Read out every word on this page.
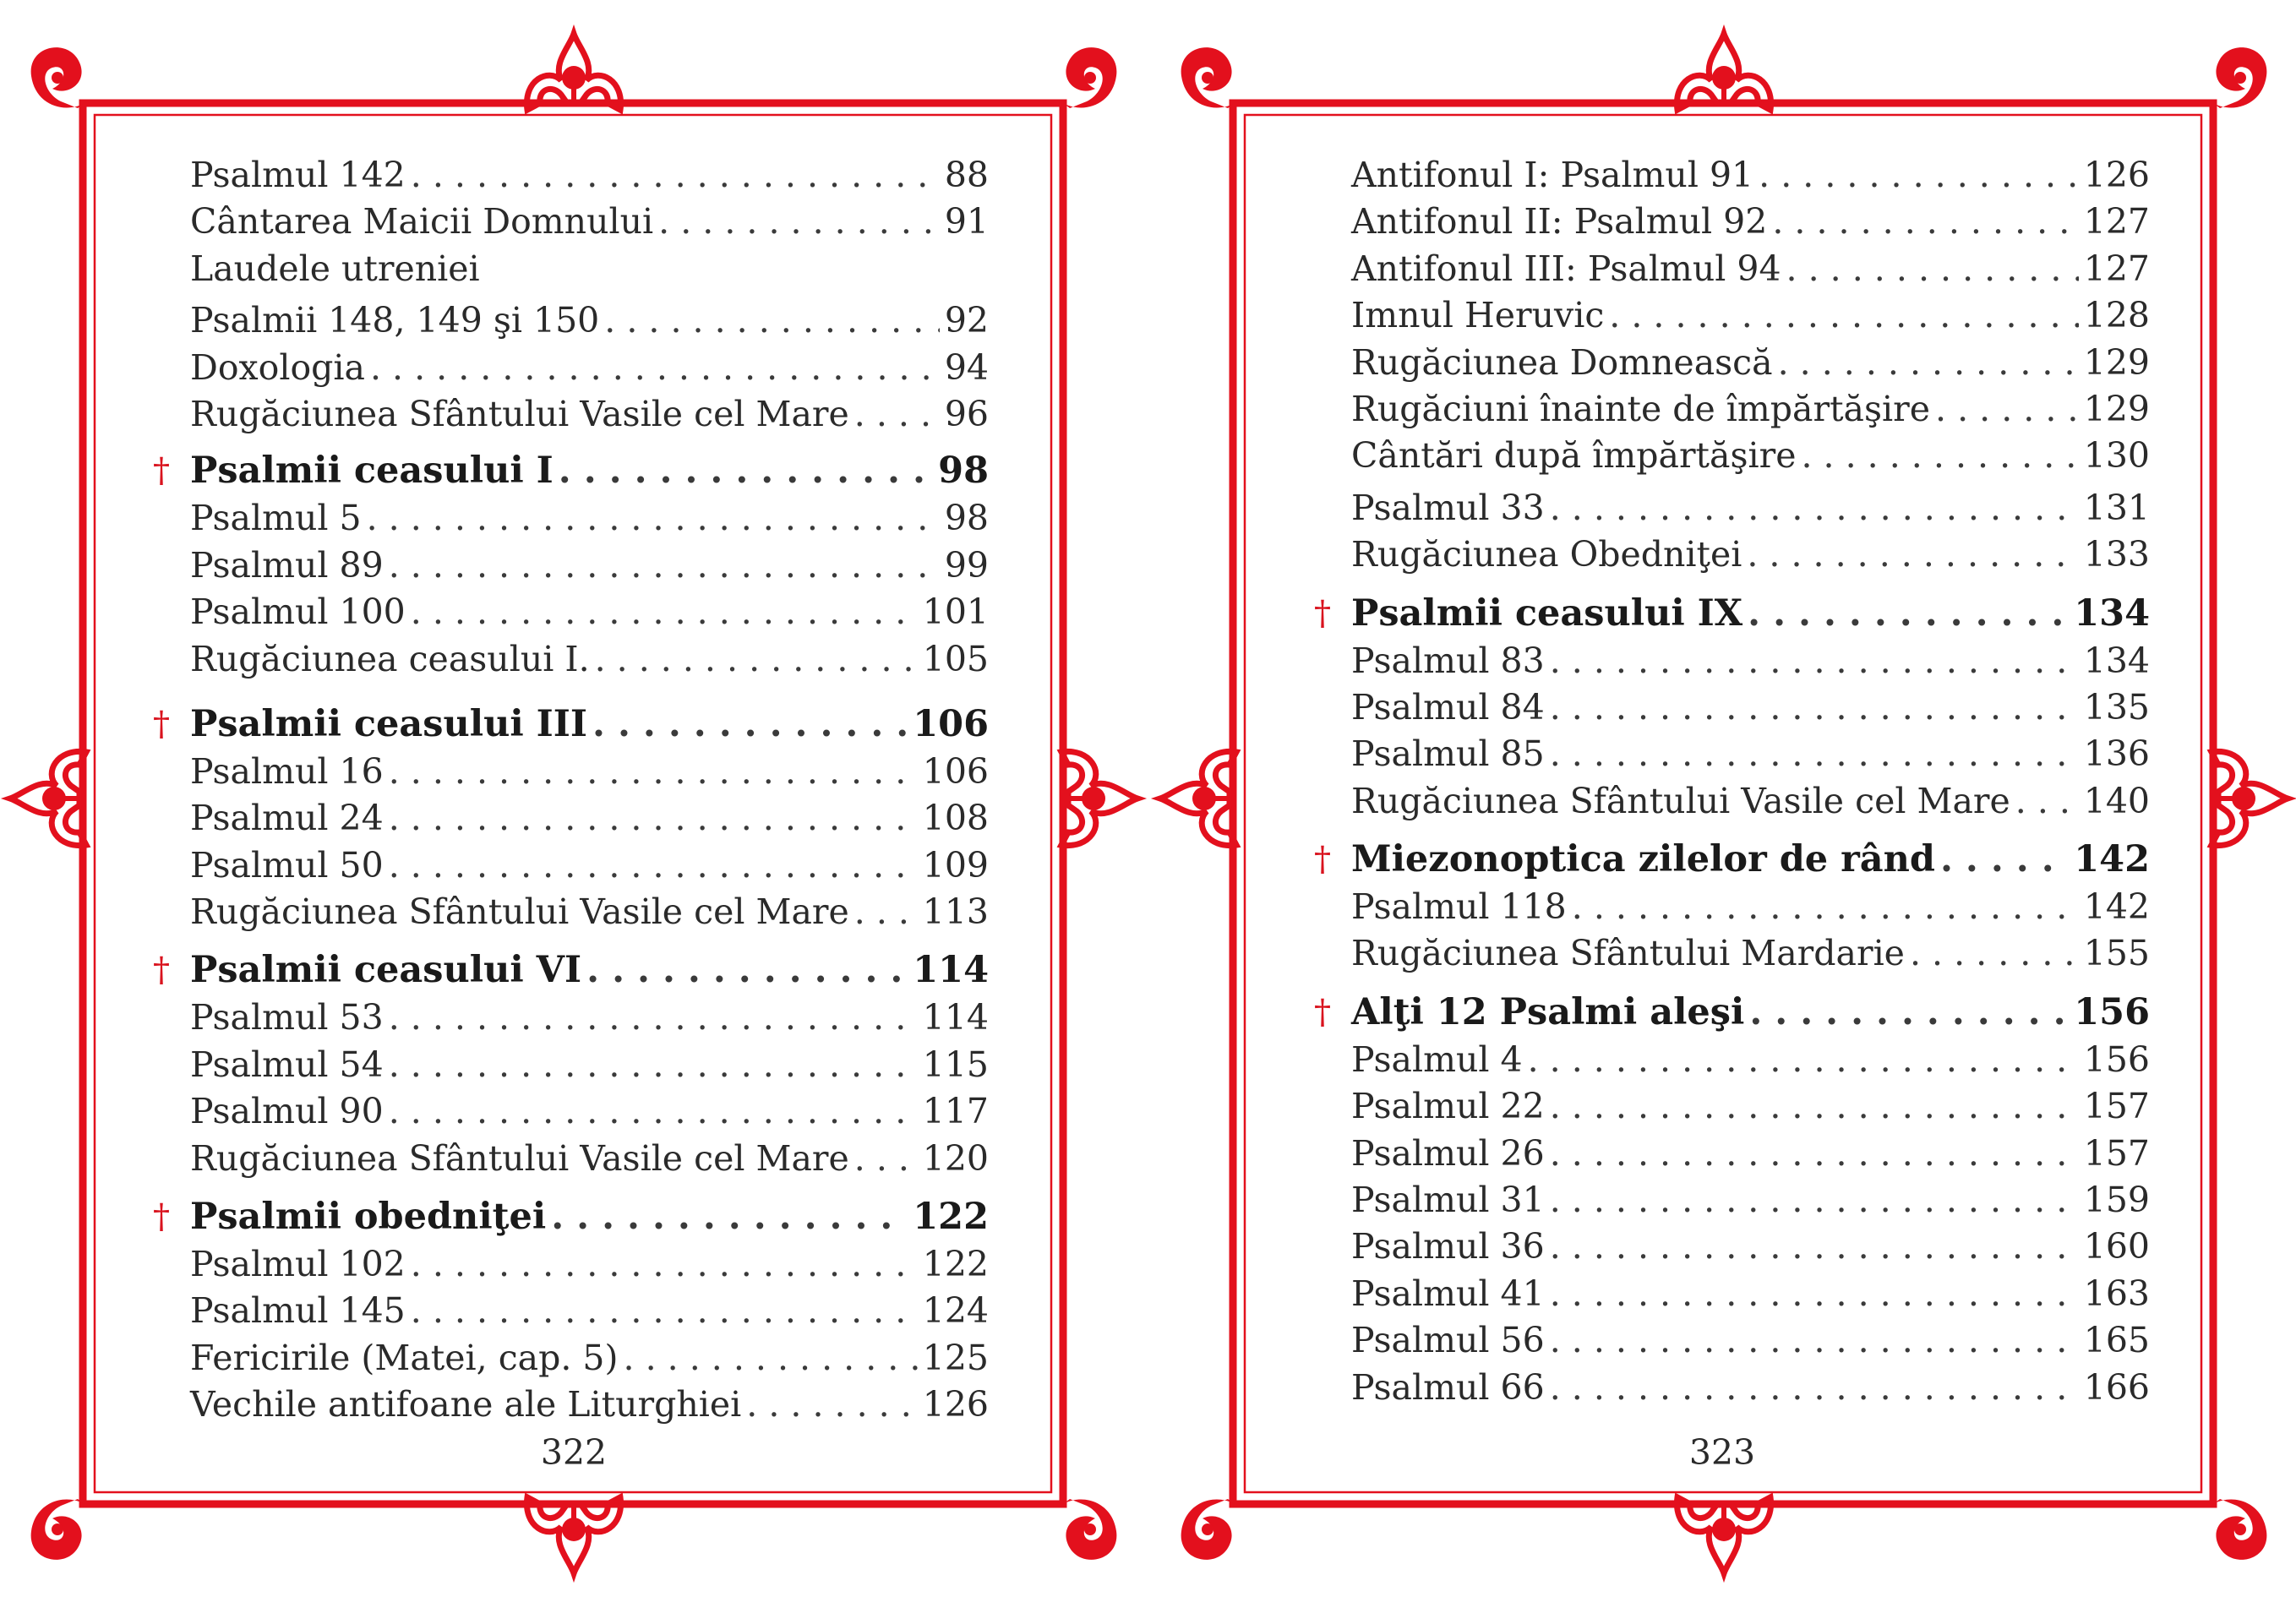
Psalmul 142 . . .	88
Cântarea Maicii Domnului . . .	91
Laudele utreniei
Psalmii 148, 149 şi 150 . . .	92
Doxologia . . .	94
Rugăciunea Sfântului Vasile cel Mare . . .	96
† Psalmii ceasului I . . .	98
Psalmul 5 . . .	98
Psalmul 89 . . .	99
Psalmul 100 . . .	101
Rugăciunea ceasului I. . . .	105
† Psalmii ceasului III . . .	106
Psalmul 16 . . .	106
Psalmul 24 . . .	108
Psalmul 50 . . .	109
Rugăciunea Sfântului Vasile cel Mare . . . 113
† Psalmii ceasului VI . . .	114
Psalmul 53 . . .	114
Psalmul 54 . . .	115
Psalmul 90 . . .	117
Rugăciunea Sfântului Vasile cel Mare . . . 120
† Psalmii obedniţei . . .	122
Psalmul 102 . . .	122
Psalmul 145 . . .	124
Fericirile (Matei, cap. 5) . . .	125
Vechile antifoane ale Liturghiei . . .	126
322
Antifonul I: Psalmul 91 . . .	126
Antifonul II: Psalmul 92 . . .	127
Antifonul III: Psalmul 94 . . .	127
Imnul Heruvic . . .	128
Rugăciunea Domnească . . .	129
Rugăciuni înainte de împărtăşire . . .	129
Cântări după împărtăşire . . .	130
Psalmul 33 . . .	131
Rugăciunea Obedniţei . . .	133
† Psalmii ceasului IX . . .	134
Psalmul 83 . . .	134
Psalmul 84 . . .	135
Psalmul 85 . . .	136
Rugăciunea Sfântului Vasile cel Mare . . . 140
† Miezonoptica zilelor de rând . . .	142
Psalmul 118 . . .	142
Rugăciunea Sfântului Mardarie . . .	155
† Alţi 12 Psalmi aleşi . . .	156
Psalmul 4 . . .	156
Psalmul 22 . . .	157
Psalmul 26 . . .	157
Psalmul 31 . . .	159
Psalmul 36 . . .	160
Psalmul 41 . . .	163
Psalmul 56 . . .	165
Psalmul 66 . . .	166
323
